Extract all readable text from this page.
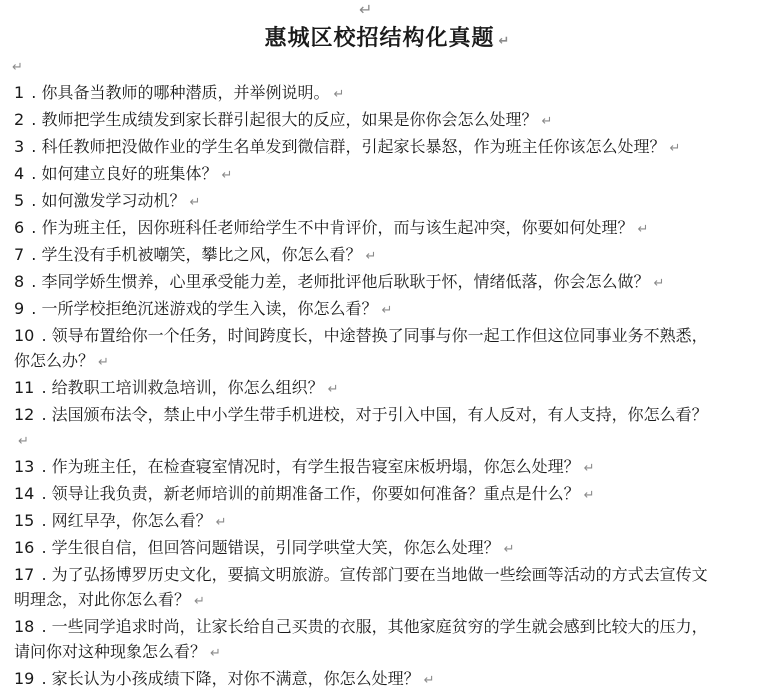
↵
惠城区校招结构化真题 ↵
↵
1 . 你具备当教师的哪种潜质，并举例说明。 ↵
2 . 教师把学生成绩发到家长群引起很大的反应，如果是你你会怎么处理？ ↵
3 . 科任教师把没做作业的学生名单发到微信群，引起家长暴怒，作为班主任你该怎么处理？ ↵
4 . 如何建立良好的班集体？ ↵
5 . 如何激发学习动机？ ↵
6 . 作为班主任，因你班科任老师给学生不中肯评价，而与该生起冲突，你要如何处理？ ↵
7 . 学生没有手机被嘲笑，攀比之风，你怎么看？ ↵
8 . 李同学娇生惯养，心里承受能力差，老师批评他后耿耿于怀，情绪低落，你会怎么做？ ↵
9 . 一所学校拒绝沉迷游戏的学生入读，你怎么看？ ↵
10 . 领导布置给你一个任务，时间跨度长，中途替换了同事与你一起工作但这位同事业务不熟悉，你怎么办？ ↵
11 . 给教职工培训救急培训，你怎么组织？ ↵
12 . 法国颁布法令，禁止中小学生带手机进校，对于引入中国，有人反对，有人支持，你怎么看？↵
13 . 作为班主任，在检查寝室情况时，有学生报告寝室床板坍塌，你怎么处理？ ↵
14 . 领导让我负责，新老师培训的前期准备工作，你要如何准备？重点是什么？ ↵
15 . 网红早孕，你怎么看？ ↵
16 . 学生很自信，但回答问题错误，引同学哄堂大笑，你怎么处理？ ↵
17 . 为了弘扬博罗历史文化，要搞文明旅游。宣传部门要在当地做一些绘画等活动的方式去宣传文明理念，对此你怎么看？ ↵
18 . 一些同学追求时尚，让家长给自己买贵的衣服，其他家庭贫穷的学生就会感到比较大的压力，请问你对这种现象怎么看？ ↵
19 . 家长认为小孩成绩下降，对你不满意，你怎么处理？ ↵
